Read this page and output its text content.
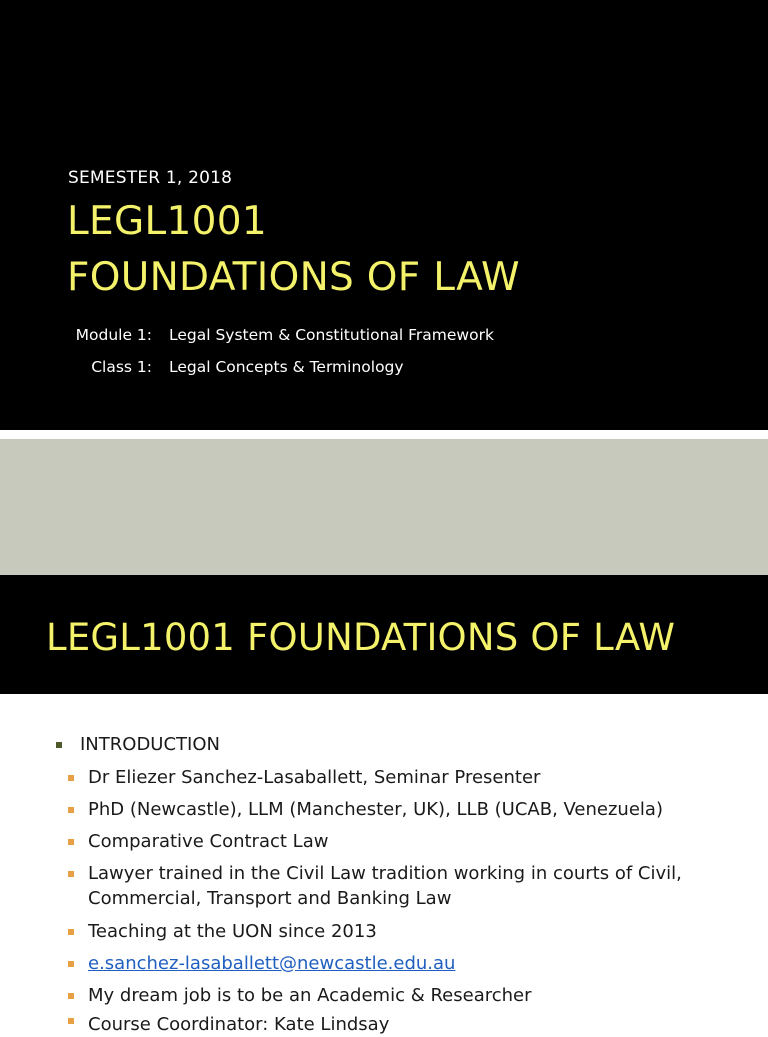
SEMESTER 1, 2018
LEGL1001
FOUNDATIONS OF LAW
Module 1: Legal System & Constitutional Framework
Class 1: Legal Concepts & Terminology
LEGL1001 FOUNDATIONS OF LAW
INTRODUCTION
Dr Eliezer Sanchez-Lasaballett, Seminar Presenter
PhD (Newcastle), LLM (Manchester, UK), LLB (UCAB, Venezuela)
Comparative Contract Law
Lawyer trained in the Civil Law tradition working in courts of Civil, Commercial, Transport and Banking Law
Teaching at the UON since 2013
e.sanchez-lasaballett@newcastle.edu.au
My dream job is to be an Academic & Researcher
Course Coordinator: Kate Lindsay
